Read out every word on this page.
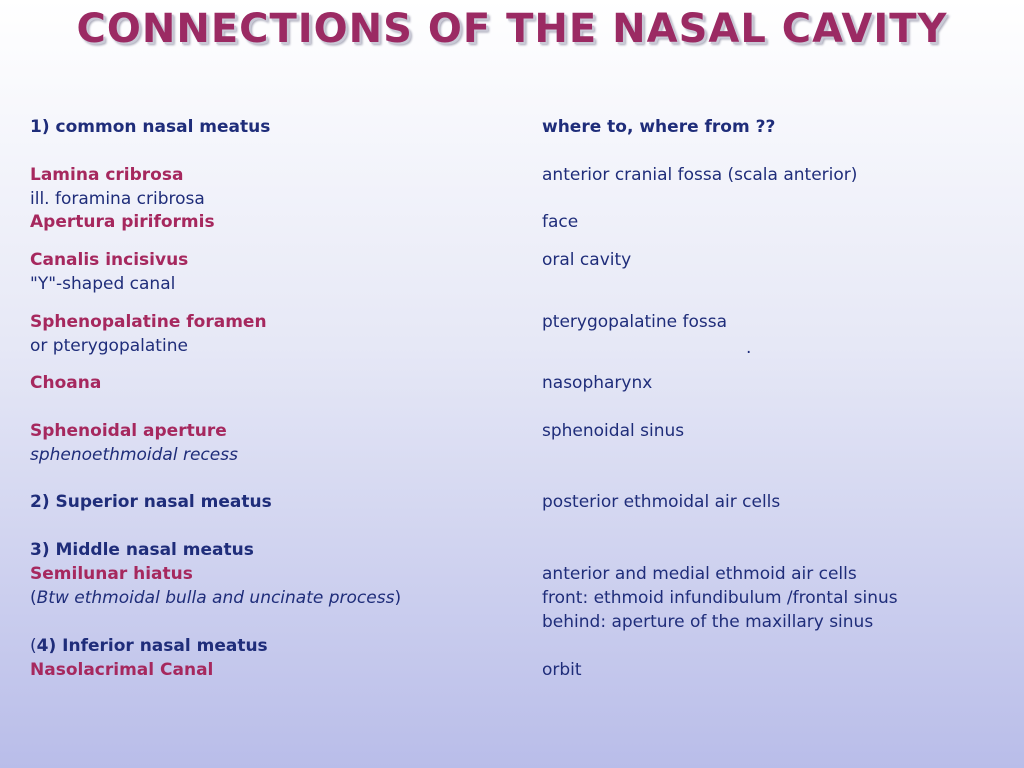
CONNECTIONS OF THE NASAL CAVITY
1) common nasal meatus	where to, where from ??
Lamina cribrosa	anterior cranial fossa (scala anterior)
ill. foramina cribrosa
Apertura piriformis	face
Canalis incisivus	oral cavity
"Y"-shaped canal
Sphenopalatine foramen	pterygopalatine fossa
or pterygopalatine	.
Choana	nasopharynx
Sphenoidal aperture	sphenoidal sinus
sphenoethmoidal recess
2) Superior nasal meatus	posterior ethmoidal air cells
3) Middle nasal meatus
Semilunar hiatus	anterior and medial ethmoid air cells
(Btw ethmoidal bulla and uncinate process)	front: ethmoid infundibulum /frontal sinus
behind: aperture of the maxillary sinus
(4) Inferior nasal meatus
Nasolacrimal Canal	orbit
